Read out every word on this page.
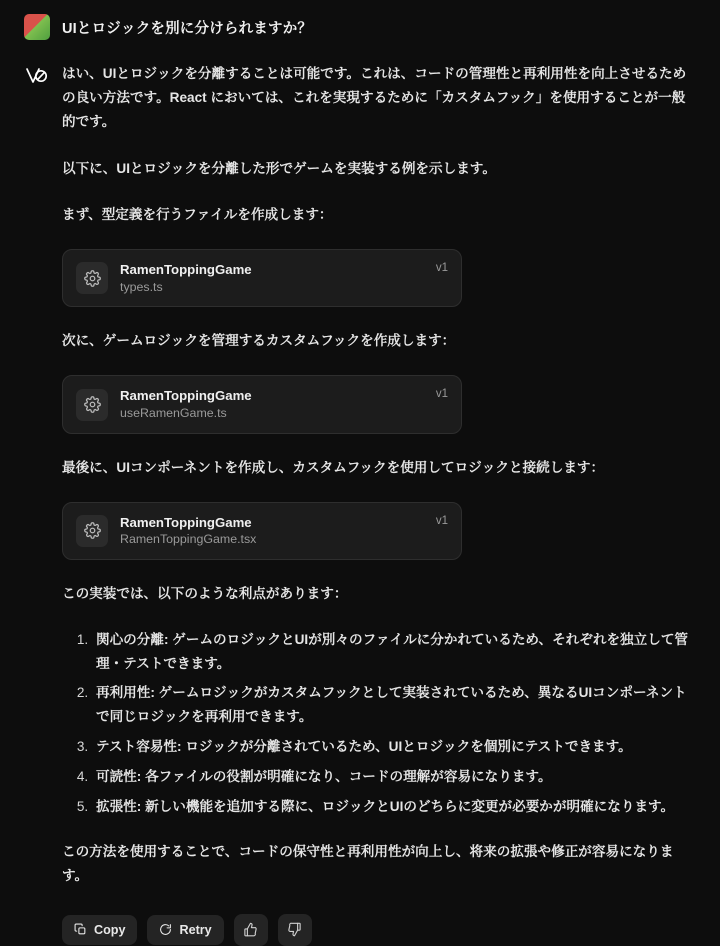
UIとロジックを別に分けられますか？

はい、UIとロジックを分離することは可能です。これは、コードの管理性と再利用性を向上させるための良い方法です。React においては、これを実現するために「カスタムフック」を使用することが一般的です。

以下に、UIとロジックを分離した形でゲームを実装する例を示します。

まず、型定義を行うファイルを作成します：

RamenToppingGame
types.ts
v1

次に、ゲームロジックを管理するカスタムフックを作成します：

RamenToppingGame
useRamenGame.ts
v1

最後に、UIコンポーネントを作成し、カスタムフックを使用してロジックと接続します：

RamenToppingGame
RamenToppingGame.tsx
v1

この実装では、以下のような利点があります：

1. 関心の分離: ゲームのロジックとUIが別々のファイルに分かれているため、それぞれを独立して管理・テストできます。
2. 再利用性: ゲームロジックがカスタムフックとして実装されているため、異なるUIコンポーネントで同じロジックを再利用できます。
3. テスト容易性: ロジックが分離されているため、UIとロジックを個別にテストできます。
4. 可読性: 各ファイルの役割が明確になり、コードの理解が容易になります。
5. 拡張性: 新しい機能を追加する際に、ロジックとUIのどちらに変更が必要かが明確になります。

この方法を使用することで、コードの保守性と再利用性が向上し、将来の拡張や修正が容易になります。

Copy	Retry
